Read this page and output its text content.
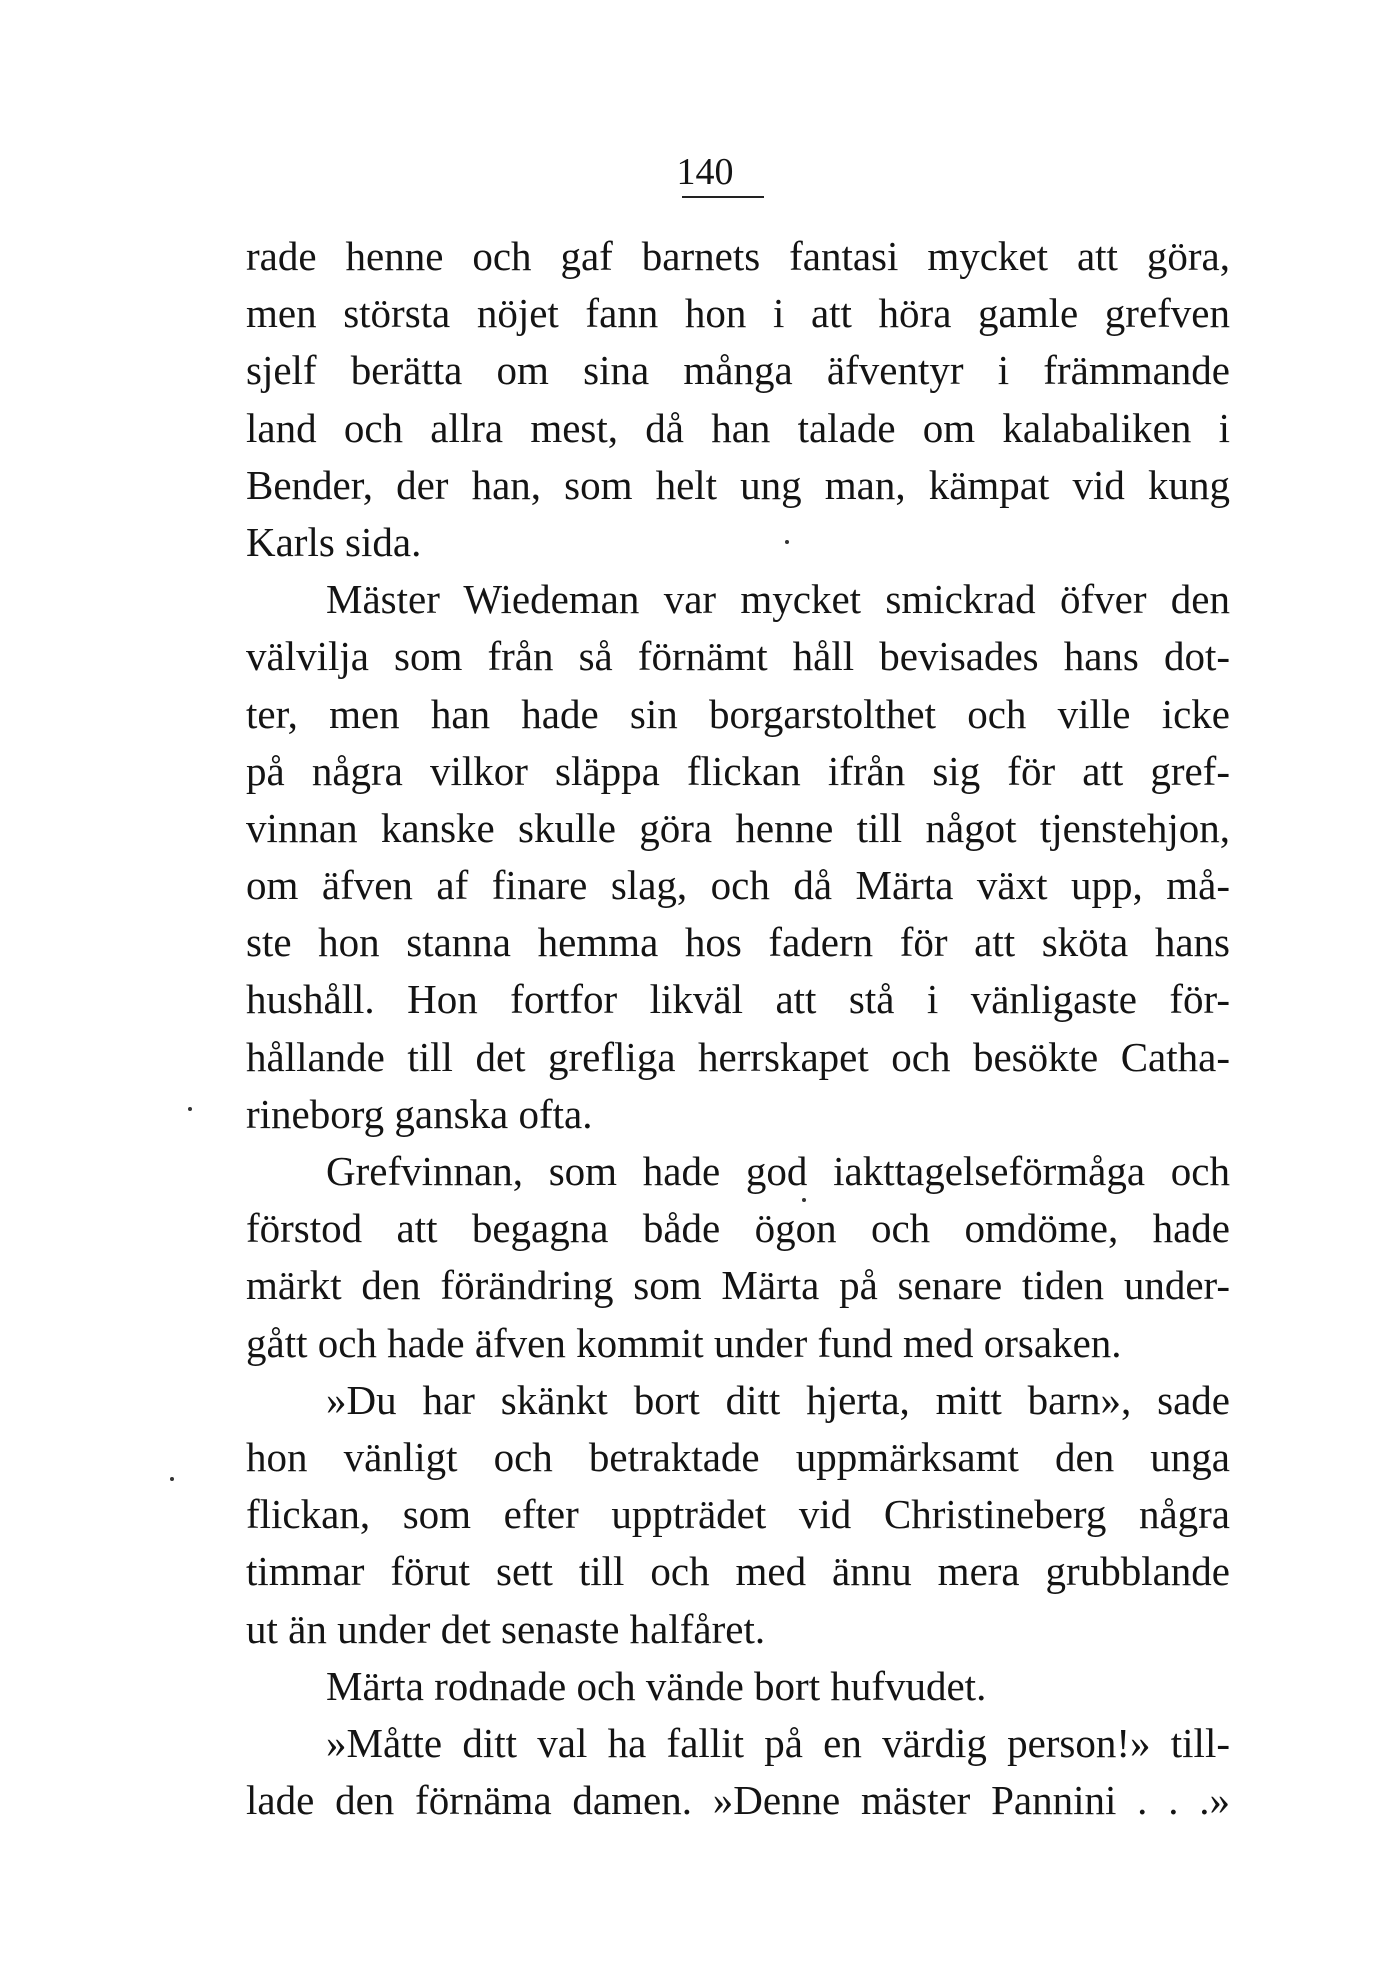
140
rade henne och gaf barnets fantasi mycket att göra,
men största nöjet fann hon i att höra gamle grefven
sjelf berätta om sina många äfventyr i främmande
land och allra mest, då han talade om kalabaliken i
Bender, der han, som helt ung man, kämpat vid kung
Karls sida.
Mäster Wiedeman var mycket smickrad öfver den
välvilja som från så förnämt håll bevisades hans dot-
ter, men han hade sin borgarstolthet och ville icke
på några vilkor släppa flickan ifrån sig för att gref-
vinnan kanske skulle göra henne till något tjenstehjon,
om äfven af finare slag, och då Märta växt upp, må-
ste hon stanna hemma hos fadern för att sköta hans
hushåll. Hon fortfor likväl att stå i vänligaste för-
hållande till det grefliga herrskapet och besökte Catha-
rineborg ganska ofta.
Grefvinnan, som hade god iakttagelseförmåga och
förstod att begagna både ögon och omdöme, hade
märkt den förändring som Märta på senare tiden under-
gått och hade äfven kommit under fund med orsaken.
»Du har skänkt bort ditt hjerta, mitt barn», sade
hon vänligt och betraktade uppmärksamt den unga
flickan, som efter uppträdet vid Christineberg några
timmar förut sett till och med ännu mera grubblande
ut än under det senaste halfåret.
Märta rodnade och vände bort hufvudet.
»Måtte ditt val ha fallit på en värdig person!» till-
lade den förnäma damen. »Denne mäster Pannini . . .»
